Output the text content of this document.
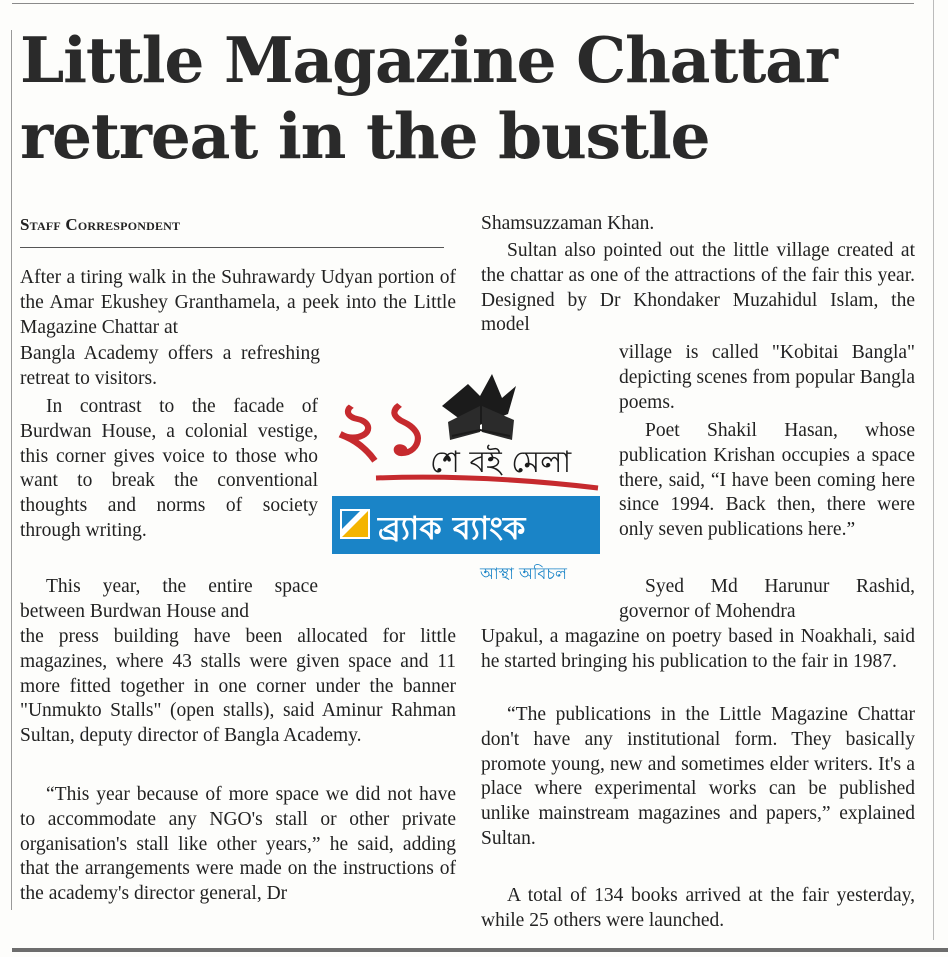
Little Magazine Chattar retreat in the bustle
Staff Correspondent

After a tiring walk in the Suhrawardy Udyan portion of the Amar Ekushey Granthamela, a peek into the Little Magazine Chattar at

Bangla Academy offers a refreshing retreat to visitors.

In contrast to the facade of Burdwan House, a colonial vestige, this corner gives voice to those who want to break the conventional thoughts and norms of society through writing.

This year, the entire space between Burdwan House and

the press building have been allocated for little magazines, where 43 stalls were given space and 11 more fitted together in one corner under the banner "Unmukto Stalls" (open stalls), said Aminur Rahman Sultan, deputy director of Bangla Academy.

“This year because of more space we did not have to accommodate any NGO's stall or other private organisation's stall like other years,” he said, adding that the arrangements were made on the instructions of the academy's director general, Dr

Shamsuzzaman Khan.

Sultan also pointed out the little village created at the chattar as one of the attractions of the fair this year. Designed by Dr Khondaker Muzahidul Islam, the model

village is called "Kobitai Bangla" depicting scenes from popular Bangla poems.

Poet Shakil Hasan, whose publication Krishan occupies a space there, said, “I have been coming here since 1994. Back then, there were only seven publications here.”

Syed Md Harunur Rashid, governor of Mohendra

Upakul, a magazine on poetry based in Noakhali, said he started bringing his publication to the fair in 1987.

“The publications in the Little Magazine Chattar don't have any institutional form. They basically promote young, new and sometimes elder writers. It's a place where experimental works can be published unlike mainstream magazines and papers,” explained Sultan.

A total of 134 books arrived at the fair yesterday, while 25 others were launched.

২১ শে বই মেলা
ব্র্যাক ব্যাংক
আস্থা অবিচল
